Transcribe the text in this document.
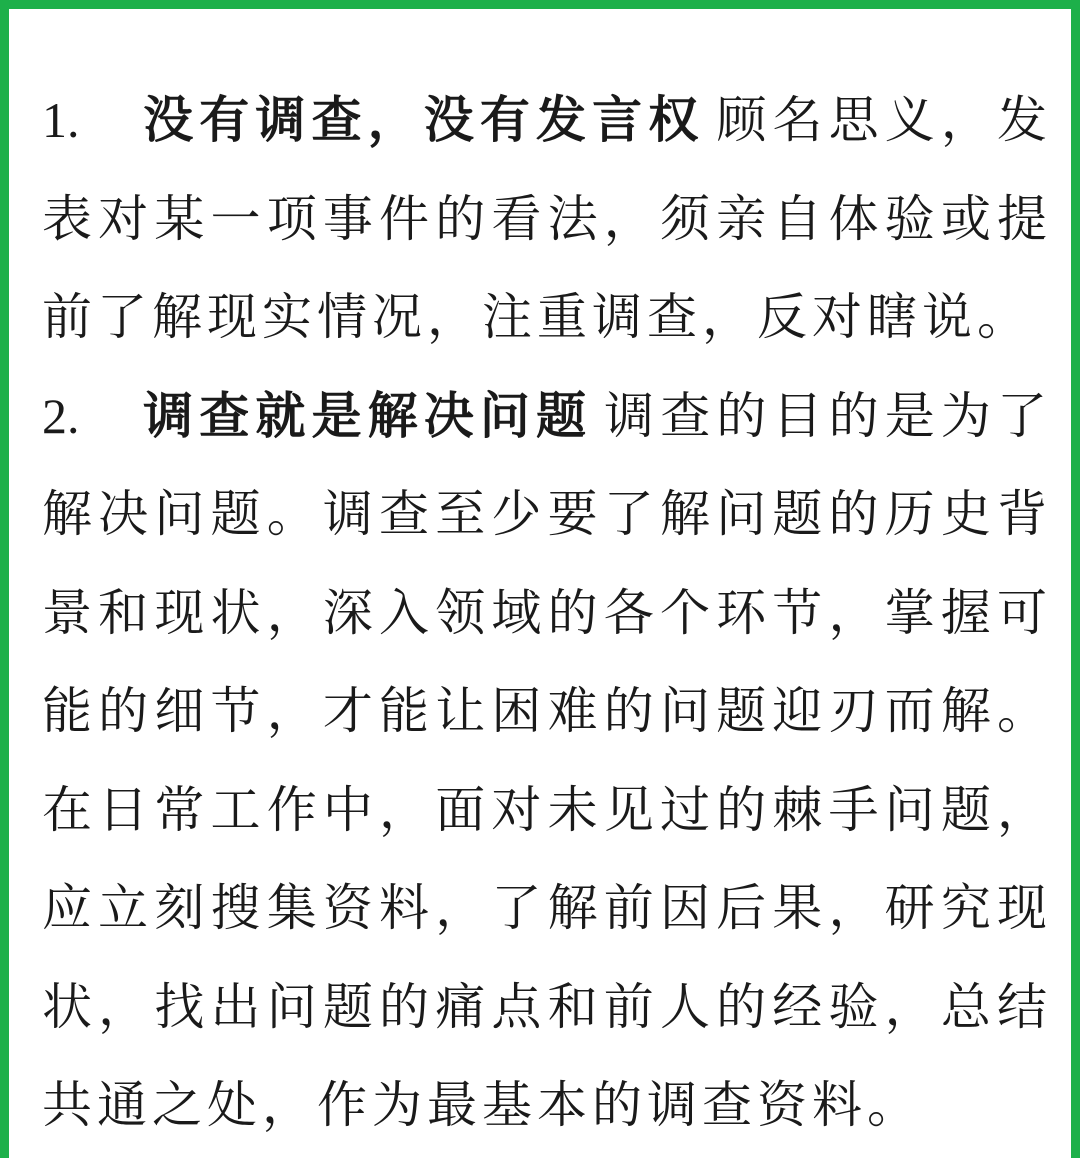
1. 没有调查，没有发言权 顾名思义，发表对某一项事件的看法，须亲自体验或提前了解现实情况，注重调查，反对瞎说。

2. 调查就是解决问题 调查的目的是为了解决问题。调查至少要了解问题的历史背景和现状，深入领域的各个环节，掌握可能的细节，才能让困难的问题迎刃而解。在日常工作中，面对未见过的棘手问题，应立刻搜集资料，了解前因后果，研究现状，找出问题的痛点和前人的经验，总结共通之处，作为最基本的调查资料。
